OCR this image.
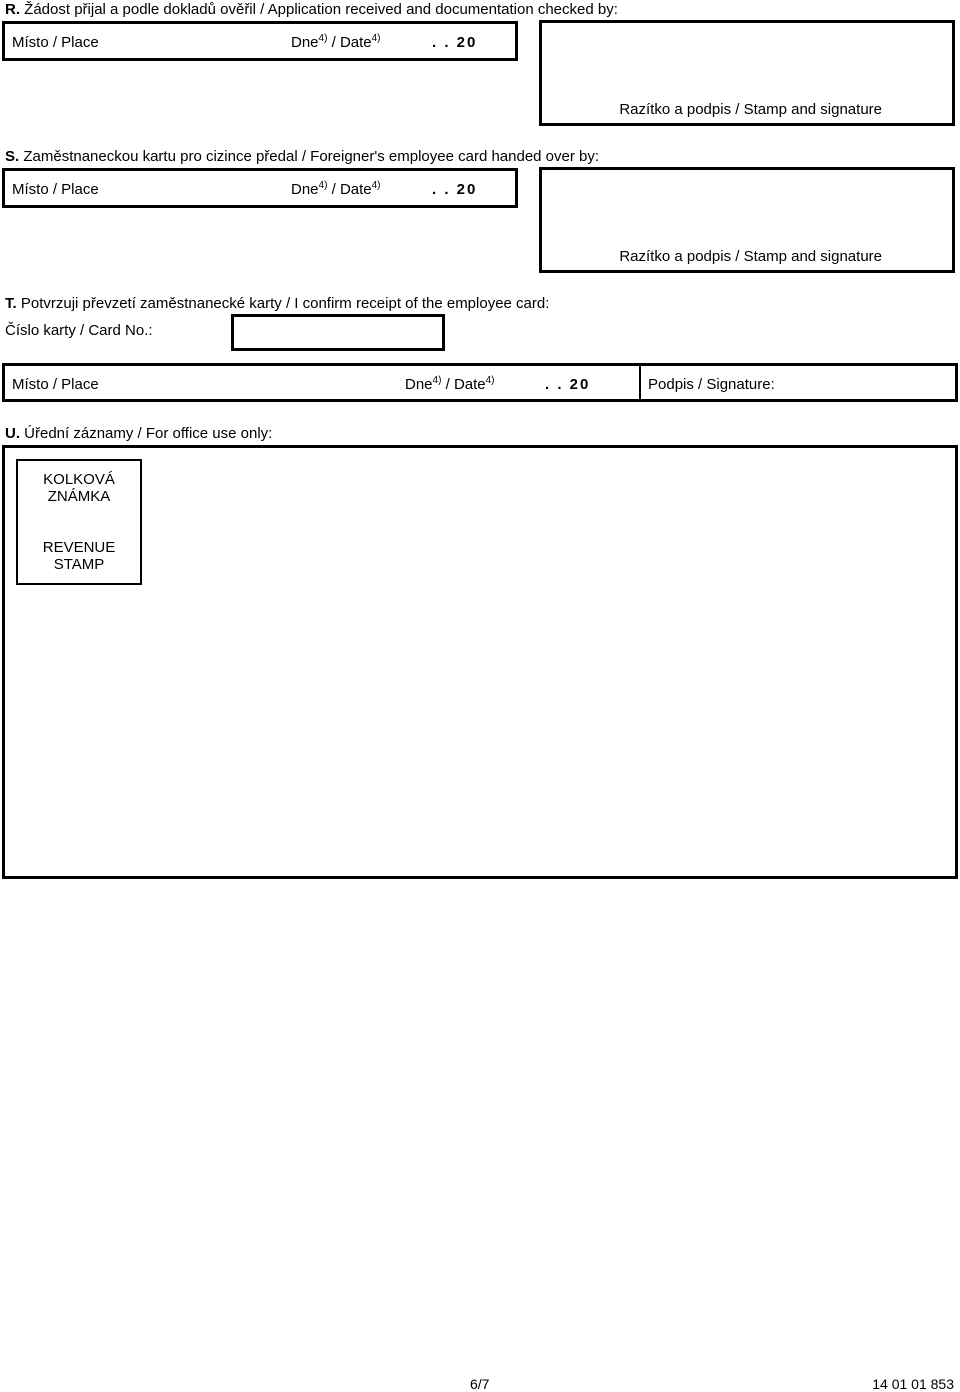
R. Žádost přijal a podle dokladů ověřil / Application received and documentation checked by:
Místo / Place	Dne$^{4)}$ / Date$^{4)}$	. . 20
Razítko a podpis / Stamp and signature
S. Zaměstnaneckou kartu pro cizince předal / Foreigner's employee card handed over by:
Místo / Place	Dne$^{4)}$ / Date$^{4)}$	. . 20
Razítko a podpis / Stamp and signature
T. Potvrzuji převzetí zaměstnanecké karty / I confirm receipt of the employee card:
Číslo karty / Card No.:
Místo / Place	Dne$^{4)}$ / Date$^{4)}$	. . 20	Podpis / Signature:
U. Úřední záznamy / For office use only:
KOLKOVÁ
ZNÁMKA
REVENUE
STAMP
6/7	14 01 01 853
